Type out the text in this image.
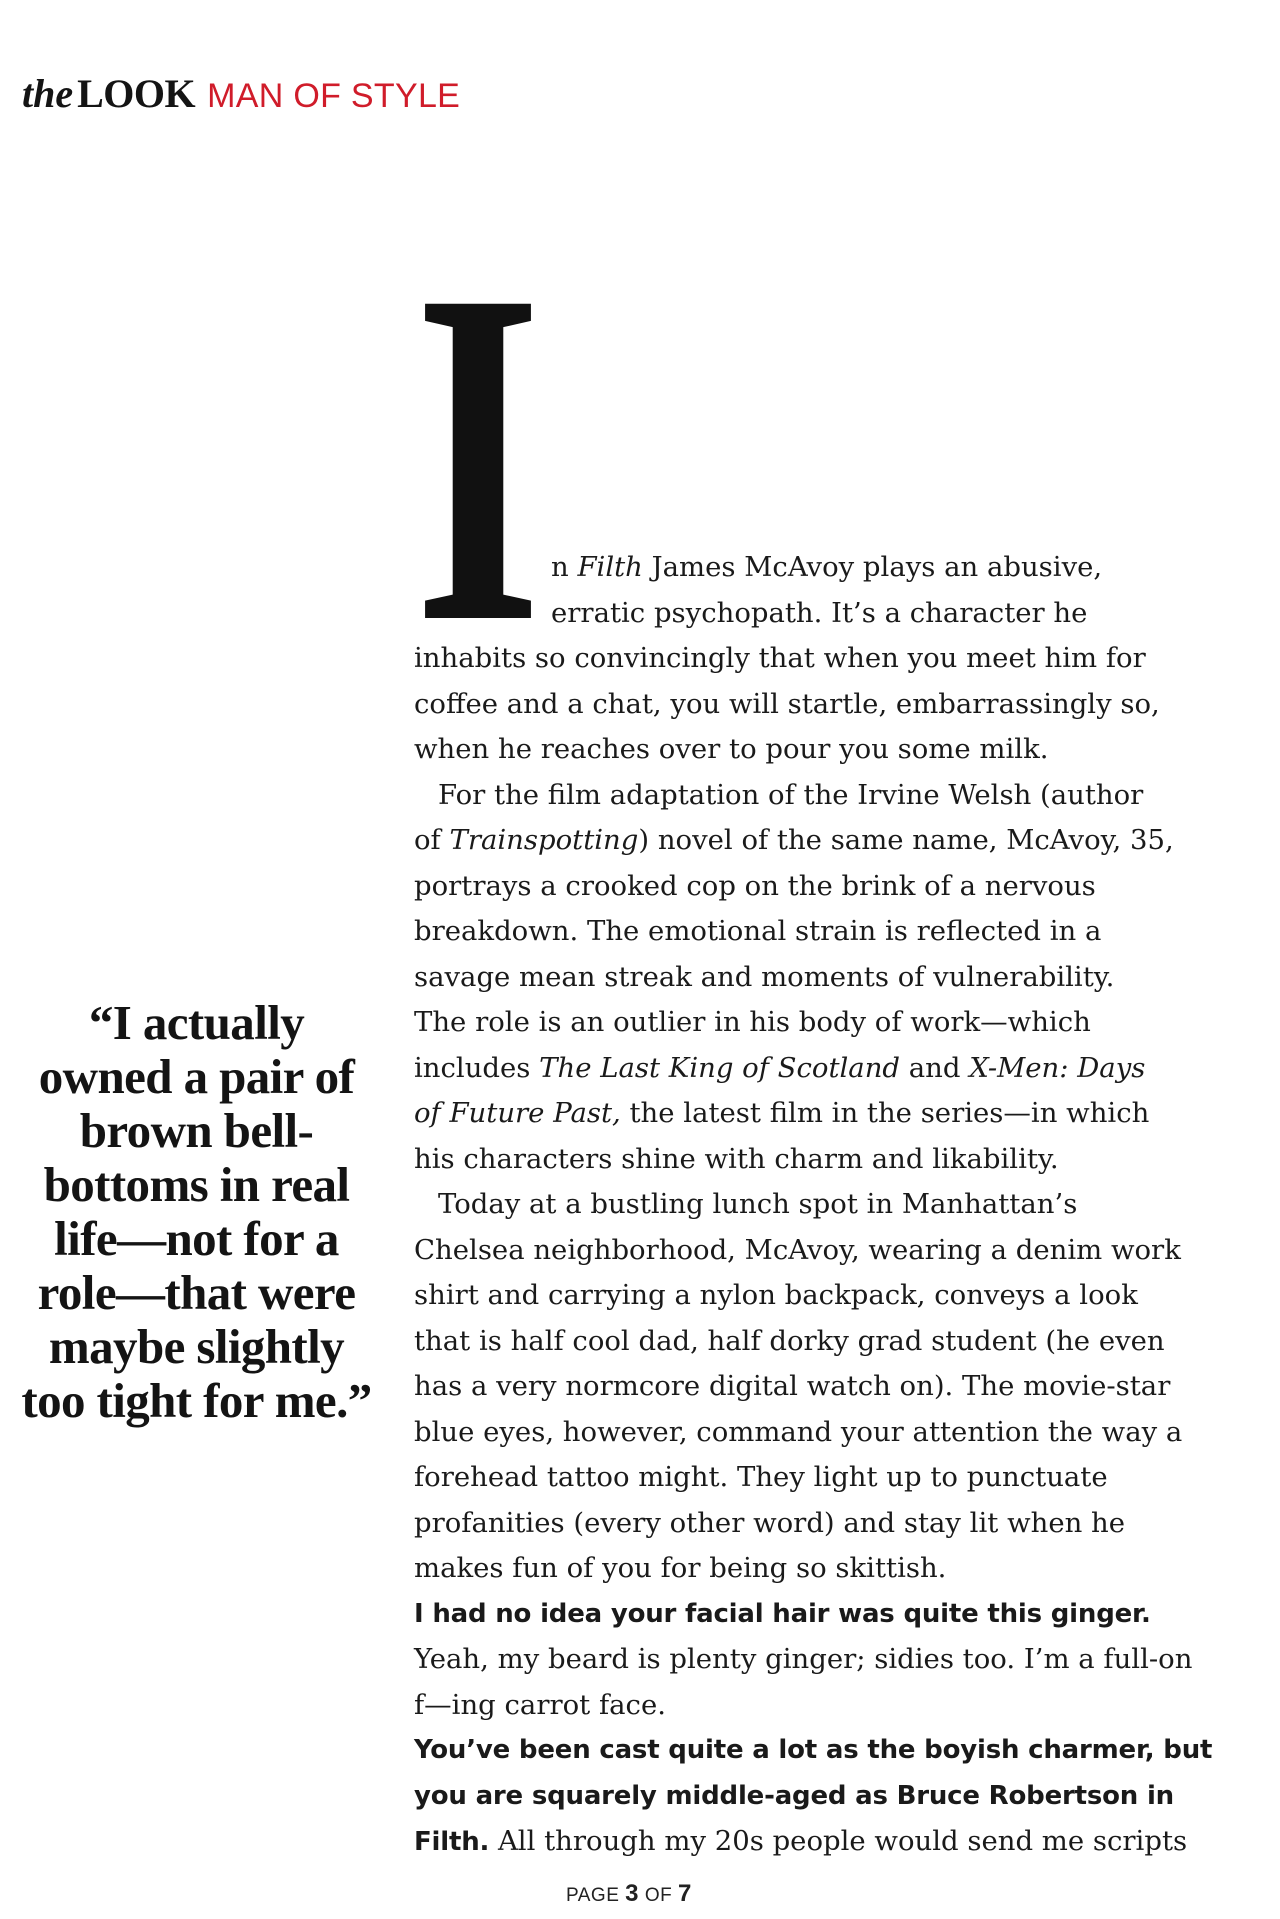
the LOOK MAN OF STYLE
“I actually
owned a pair of
brown bell-
bottoms in real
life—not for a
role—that were
maybe slightly
too tight for me.”
I n Filth James McAvoy plays an abusive,
erratic psychopath. It’s a character he
inhabits so convincingly that when you meet him for
coffee and a chat, you will startle, embarrassingly so,
when he reaches over to pour you some milk.
For the film adaptation of the Irvine Welsh (author
of Trainspotting) novel of the same name, McAvoy, 35,
portrays a crooked cop on the brink of a nervous
breakdown. The emotional strain is reflected in a
savage mean streak and moments of vulnerability.
The role is an outlier in his body of work—which
includes The Last King of Scotland and X-Men: Days
of Future Past, the latest film in the series—in which
his characters shine with charm and likability.
Today at a bustling lunch spot in Manhattan’s
Chelsea neighborhood, McAvoy, wearing a denim work
shirt and carrying a nylon backpack, conveys a look
that is half cool dad, half dorky grad student (he even
has a very normcore digital watch on). The movie-star
blue eyes, however, command your attention the way a
forehead tattoo might. They light up to punctuate
profanities (every other word) and stay lit when he
makes fun of you for being so skittish.
I had no idea your facial hair was quite this ginger.
Yeah, my beard is plenty ginger; sidies too. I’m a full-on
f—ing carrot face.
You’ve been cast quite a lot as the boyish charmer, but
you are squarely middle-aged as Bruce Robertson in
Filth. All through my 20s people would send me scripts
PAGE 3 OF 7
